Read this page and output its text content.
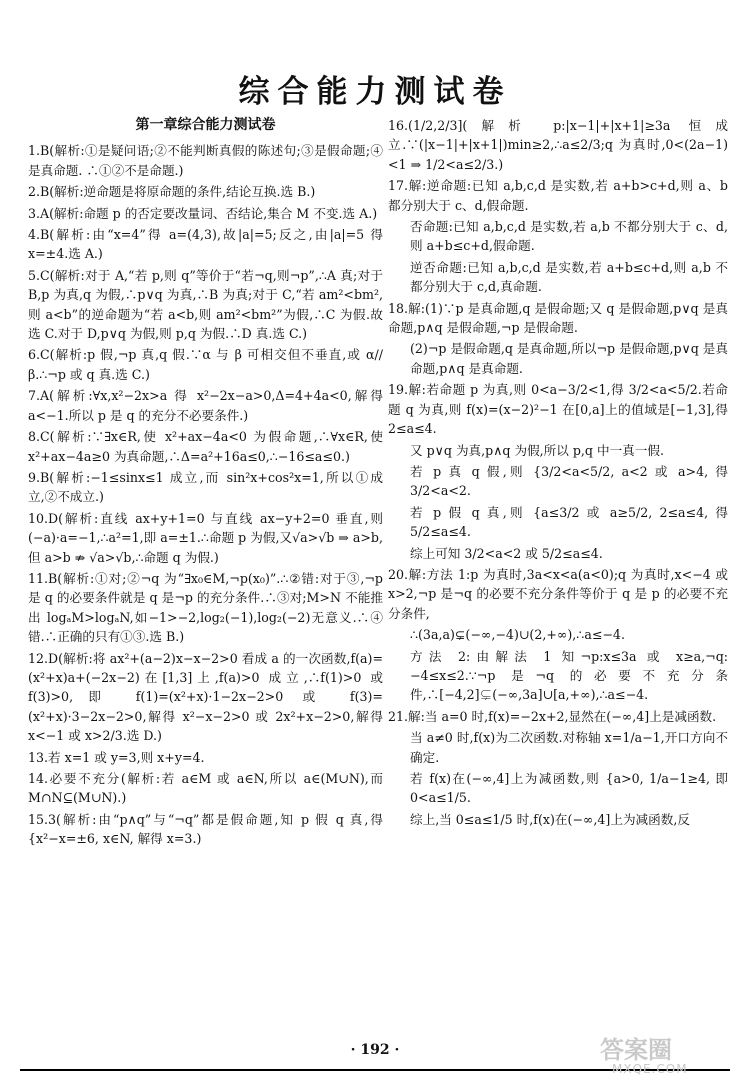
综合能力测试卷
第一章综合能力测试卷

1.B(解析:①是疑问语;②不能判断真假的陈述句;③是假命题;④是真命题. ∴①②不是命题.)

2.B(解析:逆命题是将原命题的条件,结论互换.选 B.)

3.A(解析:命题 p 的否定要改量词、否结论,集合 M 不变.选 A.)

4.B(解析:由“x=4”得 a=(4,3),故|a|=5;反之,由|a|=5 得 x=±4.选 A.)

5.C(解析:对于 A,“若 p,则 q”等价于“若¬q,则¬p”,∴A 真;对于 B,p 为真,q 为假,∴p∨q 为真,∴B 为真;对于 C,“若 am²<bm²,则 a<b”的逆命题为“若 a<b,则 am²<bm²”为假,∴C 为假.故选 C.对于 D,p∨q 为假,则 p,q 为假.∴D 真.选 C.)

6.C(解析:p 假,¬p 真,q 假.∵α 与 β 可相交但不垂直,或 α//β.∴¬p 或 q 真.选 C.)

7.A(解析:∀x,x²−2x>a 得 x²−2x−a>0,Δ=4+4a<0,解得 a<−1.所以 p 是 q 的充分不必要条件.)

8.C(解析:∵∃x∈R,使 x²+ax−4a<0 为假命题,∴∀x∈R,使 x²+ax−4a≥0 为真命题,∴Δ=a²+16a≤0,∴−16≤a≤0.)

9.B(解析:−1≤sinx≤1 成立,而 sin²x+cos²x=1,所以①成立,②不成立.)

10.D(解析:直线 ax+y+1=0 与直线 ax−y+2=0 垂直,则(−a)·a=−1,∴a²=1,即 a=±1.∴命题 p 为假,又√a>√b ⇒ a>b,但 a>b ⇏ √a>√b,∴命题 q 为假.)

11.B(解析:①对;②¬q 为“∃x₀∈M,¬p(x₀)”.∴②错:对于③,¬p 是 q 的必要条件就是 q 是¬p 的充分条件.∴③对;M>N 不能推出 logₐM>logₐN,如−1>−2,log₂(−1),log₂(−2)无意义.∴④错.∴正确的只有①③.选 B.)

12.D(解析:将 ax²+(a−2)x−x−2>0 看成 a 的一次函数,f(a)=(x²+x)a+(−2x−2)在[1,3]上,f(a)>0 成立,∴f(1)>0 或 f(3)>0,即 f(1)=(x²+x)·1−2x−2>0 或 f(3)=(x²+x)·3−2x−2>0,解得 x²−x−2>0 或 2x²+x−2>0,解得 x<−1 或 x>2/3.选 D.)

13.若 x=1 或 y=3,则 x+y=4.

14.必要不充分(解析:若 a∈M 或 a∈N,所以 a∈(M∪N),而 M∩N⊆(M∪N).)

15.3(解析:由“p∧q”与“¬q”都是假命题,知 p 假 q 真,得 {x²−x=±6, x∈N, 解得 x=3.)

16.(1/2,2/3](解析 p:|x−1|+|x+1|≥3a 恒成立.∵(|x−1|+|x+1|)min≥2,∴a≤2/3;q 为真时,0<(2a−1)<1 ⇒ 1/2<a≤2/3.)

17.解:逆命题:已知 a,b,c,d 是实数,若 a+b>c+d,则 a、b 都分别大于 c、d,假命题.

否命题:已知 a,b,c,d 是实数,若 a,b 不都分别大于 c、d,则 a+b≤c+d,假命题.

逆否命题:已知 a,b,c,d 是实数,若 a+b≤c+d,则 a,b 不都分别大于 c,d,真命题.

18.解:(1)∵p 是真命题,q 是假命题;又 q 是假命题,p∨q 是真命题,p∧q 是假命题,¬p 是假命题.

(2)¬p 是假命题,q 是真命题,所以¬p 是假命题,p∨q 是真命题,p∧q 是真命题.

19.解:若命题 p 为真,则 0<a−3/2<1,得 3/2<a<5/2.若命题 q 为真,则 f(x)=(x−2)²−1 在[0,a]上的值域是[−1,3],得 2≤a≤4.

又 p∨q 为真,p∧q 为假,所以 p,q 中一真一假.

若 p 真 q 假,则 {3/2<a<5/2, a<2 或 a>4, 得 3/2<a<2.

若 p 假 q 真,则 {a≤3/2 或 a≥5/2, 2≤a≤4, 得 5/2≤a≤4.

综上可知 3/2<a<2 或 5/2≤a≤4.

20.解:方法 1:p 为真时,3a<x<a(a<0);q 为真时,x<−4 或 x>2,¬p 是¬q 的必要不充分条件等价于 q 是 p 的必要不充分条件,

∴(3a,a)⊊(−∞,−4)∪(2,+∞),∴a≤−4.

方法 2:由解法 1 知¬p:x≤3a 或 x≥a,¬q:−4≤x≤2.∵¬p 是¬q 的必要不充分条件,∴[−4,2]⊊(−∞,3a]∪[a,+∞),∴a≤−4.

21.解:当 a=0 时,f(x)=−2x+2,显然在(−∞,4]上是减函数.

当 a≠0 时,f(x)为二次函数.对称轴 x=1/a−1,开口方向不确定.

若 f(x)在(−∞,4]上为减函数,则 {a>0, 1/a−1≥4, 即 0<a≤1/5.

综上,当 0≤a≤1/5 时,f(x)在(−∞,4]上为减函数,反

· 192 ·	答案圈
MXQE.COM
